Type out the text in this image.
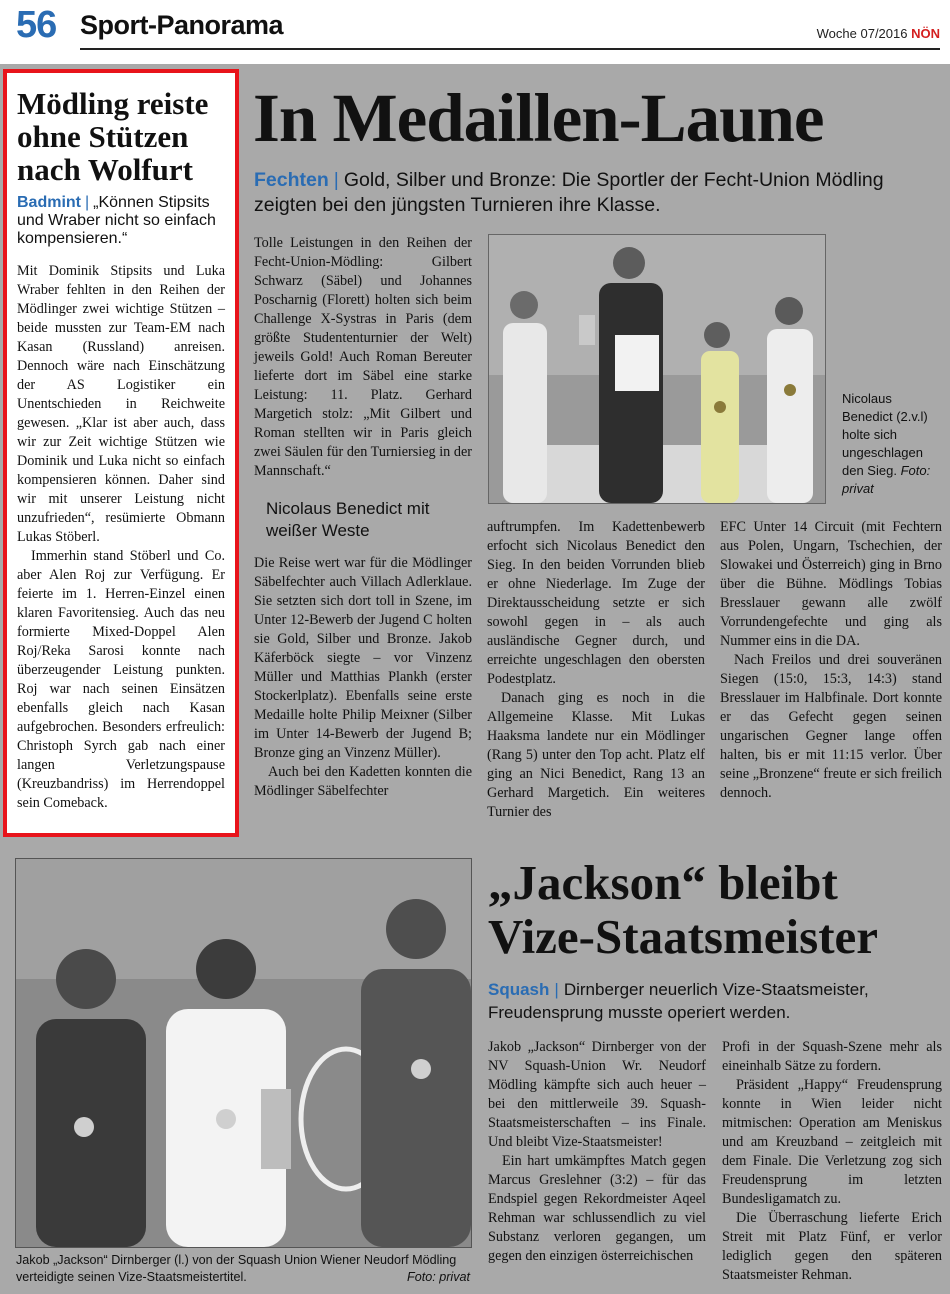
56 Sport-Panorama	Woche 07/2016 NÖN
Mödling reiste ohne Stützen nach Wolfurt
Badmint | „Können Stipsits und Wraber nicht so einfach kompensieren.“

Mit Dominik Stipsits und Luka Wraber fehlten in den Reihen der Mödlinger zwei wichtige Stützen – beide mussten zur Team-EM nach Kasan (Russland) anreisen. Dennoch wäre nach Einschätzung der AS Logistiker ein Unentschieden in Reichweite gewesen. „Klar ist aber auch, dass wir zur Zeit wichtige Stützen wie Dominik und Luka nicht so einfach kompensieren können. Daher sind wir mit unserer Leistung nicht unzufrieden“, resümierte Obmann Lukas Stöberl.

Immerhin stand Stöberl und Co. aber Alen Roj zur Verfügung. Er feierte im 1. Herren-Einzel einen klaren Favoritensieg. Auch das neu formierte Mixed-Doppel Alen Roj/Reka Sarosi konnte nach überzeugender Leistung punkten. Roj war nach seinen Einsätzen ebenfalls gleich nach Kasan aufgebrochen. Besonders erfreulich: Christoph Syrch gab nach einer langen Verletzungspause (Kreuzbandriss) im Herrendoppel sein Comeback.

In Medaillen-Laune
Fechten | Gold, Silber und Bronze: Die Sportler der Fecht-Union Mödling zeigten bei den jüngsten Turnieren ihre Klasse.

Tolle Leistungen in den Reihen der Fecht-Union-Mödling: Gilbert Schwarz (Säbel) und Johannes Poscharnig (Florett) holten sich beim Challenge X-Systras in Paris (dem größte Studententurnier der Welt) jeweils Gold! Auch Roman Bereuter lieferte dort im Säbel eine starke Leistung: 11. Platz. Gerhard Margetich stolz: „Mit Gilbert und Roman stellten wir in Paris gleich zwei Säulen für den Turniersieg in der Mannschaft.“

Nicolaus Benedict mit weißer Weste

Die Reise wert war für die Mödlinger Säbelfechter auch Villach Adlerklaue. Sie setzten sich dort toll in Szene, im Unter 12-Bewerb der Jugend C holten sie Gold, Silber und Bronze. Jakob Käferböck siegte – vor Vinzenz Müller und Matthias Plankh (erster Stockerlplatz). Ebenfalls seine erste Medaille holte Philip Meixner (Silber im Unter 14-Bewerb der Jugend B; Bronze ging an Vinzenz Müller).

Auch bei den Kadetten konnten die Mödlinger Säbelfechter

auftrumpfen. Im Kadettenbewerb erfocht sich Nicolaus Benedict den Sieg. In den beiden Vorrunden blieb er ohne Niederlage. Im Zuge der Direktausscheidung setzte er sich sowohl gegen in – als auch ausländische Gegner durch, und erreichte ungeschlagen den obersten Podestplatz.

Danach ging es noch in die Allgemeine Klasse. Mit Lukas Haaksma landete nur ein Mödlinger (Rang 5) unter den Top acht. Platz elf ging an Nici Benedict, Rang 13 an Gerhard Margetich. Ein weiteres Turnier des

EFC Unter 14 Circuit (mit Fechtern aus Polen, Ungarn, Tschechien, der Slowakei und Österreich) ging in Brno über die Bühne. Mödlings Tobias Bresslauer gewann alle zwölf Vorrundengefechte und ging als Nummer eins in die DA.

Nach Freilos und drei souveränen Siegen (15:0, 15:3, 14:3) stand Bresslauer im Halbfinale. Dort konnte er das Gefecht gegen seinen ungarischen Gegner lange offen halten, bis er mit 11:15 verlor. Über seine „Bronzene“ freute er sich freilich dennoch.

Nicolaus Benedict (2.v.l) holte sich ungeschlagen den Sieg. Foto: privat
Jakob „Jackson“ Dirnberger (l.) von der Squash Union Wiener Neudorf Mödling verteidigte seinen Vize-Staatsmeistertitel.	Foto: privat
„Jackson“ bleibt Vize-Staatsmeister
Squash | Dirnberger neuerlich Vize-Staatsmeister, Freudensprung musste operiert werden.

Jakob „Jackson“ Dirnberger von der NV Squash-Union Wr. Neudorf Mödling kämpfte sich auch heuer – bei den mittlerweile 39. Squash-Staatsmeisterschaften – ins Finale. Und bleibt Vize-Staatsmeister!

Ein hart umkämpftes Match gegen Marcus Greslehner (3:2) – für das Endspiel gegen Rekordmeister Aqeel Rehman war schlussendlich zu viel Substanz verloren gegangen, um gegen den einzigen österreichischen

Profi in der Squash-Szene mehr als eineinhalb Sätze zu fordern.

Präsident „Happy“ Freudensprung konnte in Wien leider nicht mitmischen: Operation am Meniskus und am Kreuzband – zeitgleich mit dem Finale. Die Verletzung zog sich Freudensprung im letzten Bundesligamatch zu.

Die Überraschung lieferte Erich Streit mit Platz Fünf, er verlor lediglich gegen den späteren Staatsmeister Rehman.
